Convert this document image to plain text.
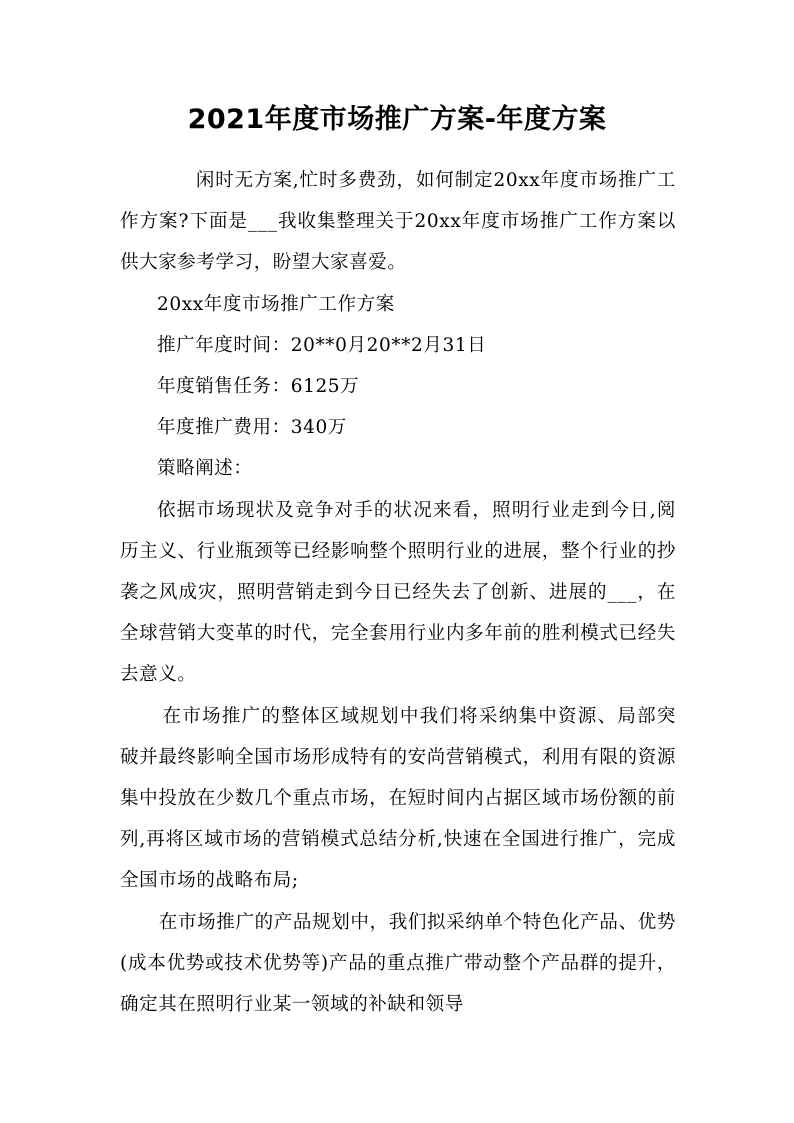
2021年度市场推广方案-年度方案

闲时无方案,忙时多费劲，如何制定20xx年度市场推广工作方案?下面是___我收集整理关于20xx年度市场推广工作方案以供大家参考学习，盼望大家喜爱。

20xx年度市场推广工作方案

推广年度时间：20**0月20**2月31日

年度销售任务：6125万

年度推广费用：340万

策略阐述：

依据市场现状及竞争对手的状况来看，照明行业走到今日,阅历主义、行业瓶颈等已经影响整个照明行业的进展，整个行业的抄袭之风成灾，照明营销走到今日已经失去了创新、进展的___，在全球营销大变革的时代，完全套用行业内多年前的胜利模式已经失去意义。

在市场推广的整体区域规划中我们将采纳集中资源、局部突破并最终影响全国市场形成特有的安尚营销模式，利用有限的资源集中投放在少数几个重点市场，在短时间内占据区域市场份额的前列,再将区域市场的营销模式总结分析,快速在全国进行推广，完成全国市场的战略布局;

在市场推广的产品规划中，我们拟采纳单个特色化产品、优势(成本优势或技术优势等)产品的重点推广带动整个产品群的提升，确定其在照明行业某一领域的补缺和领导
